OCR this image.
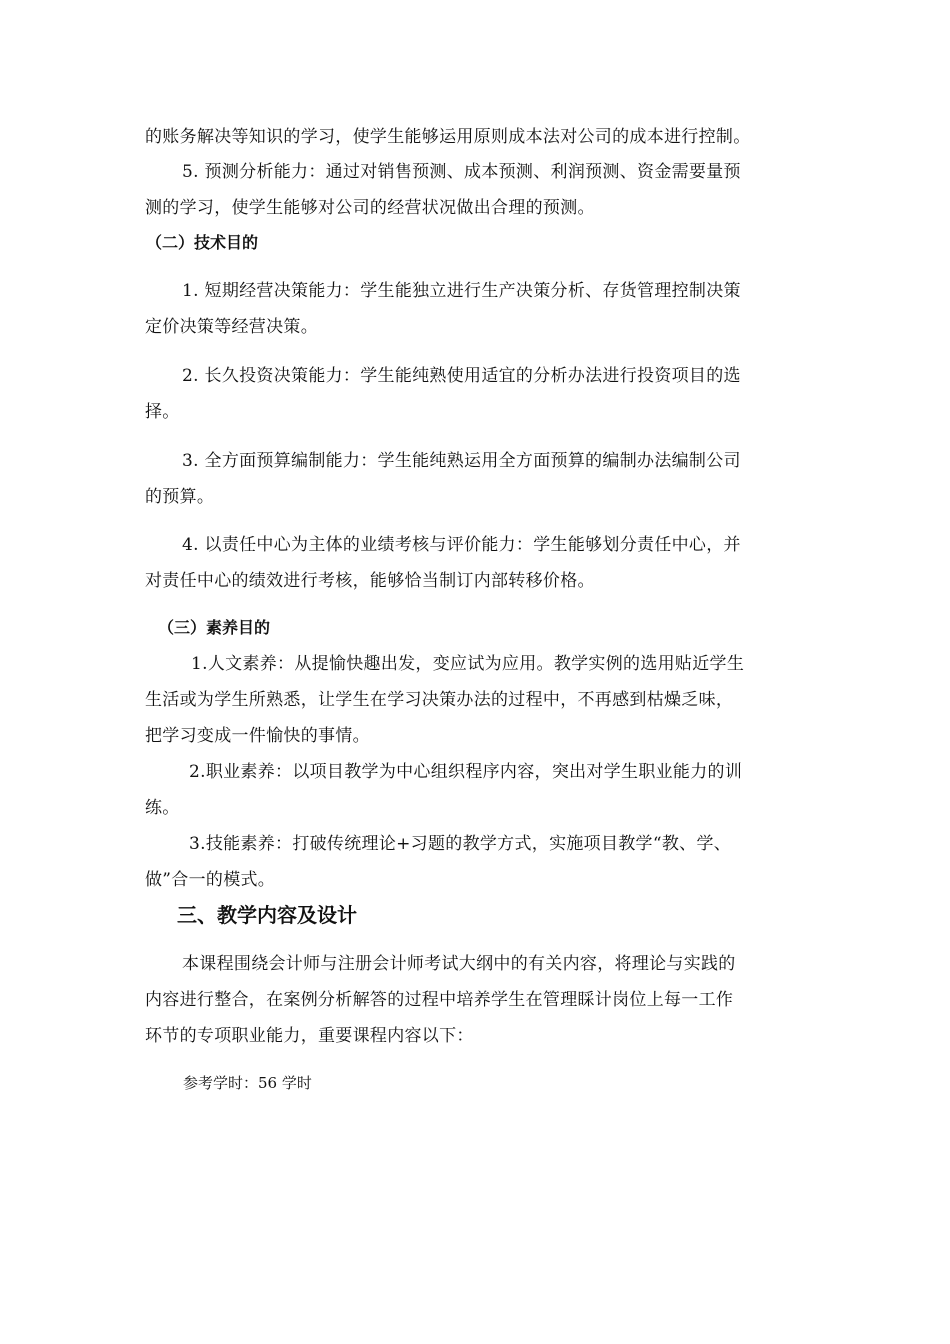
的账务解决等知识的学习，使学生能够运用原则成本法对公司的成本进行控制。
5. 预测分析能力：通过对销售预测、成本预测、利润预测、资金需要量预
测的学习，使学生能够对公司的经营状况做出合理的预测。
（二）技术目的
1. 短期经营决策能力：学生能独立进行生产决策分析、存货管理控制决策
定价决策等经营决策。
2. 长久投资决策能力：学生能纯熟使用适宜的分析办法进行投资项目的选
择。
3. 全方面预算编制能力：学生能纯熟运用全方面预算的编制办法编制公司
的预算。
4. 以责任中心为主体的业绩考核与评价能力：学生能够划分责任中心，并
对责任中心的绩效进行考核，能够恰当制订内部转移价格。
（三）素养目的
1.人文素养：从提愉快趣出发，变应试为应用。教学实例的选用贴近学生
生活或为学生所熟悉，让学生在学习决策办法的过程中，不再感到枯燥乏味，
把学习变成一件愉快的事情。
2.职业素养：以项目教学为中心组织程序内容，突出对学生职业能力的训
练。
3.技能素养：打破传统理论+习题的教学方式，实施项目教学“教、学、
做”合一的模式。
三、教学内容及设计
本课程围绕会计师与注册会计师考试大纲中的有关内容，将理论与实践的
内容进行整合，在案例分析解答的过程中培养学生在管理睬计岗位上每一工作
环节的专项职业能力，重要课程内容以下：
参考学时：56 学时
